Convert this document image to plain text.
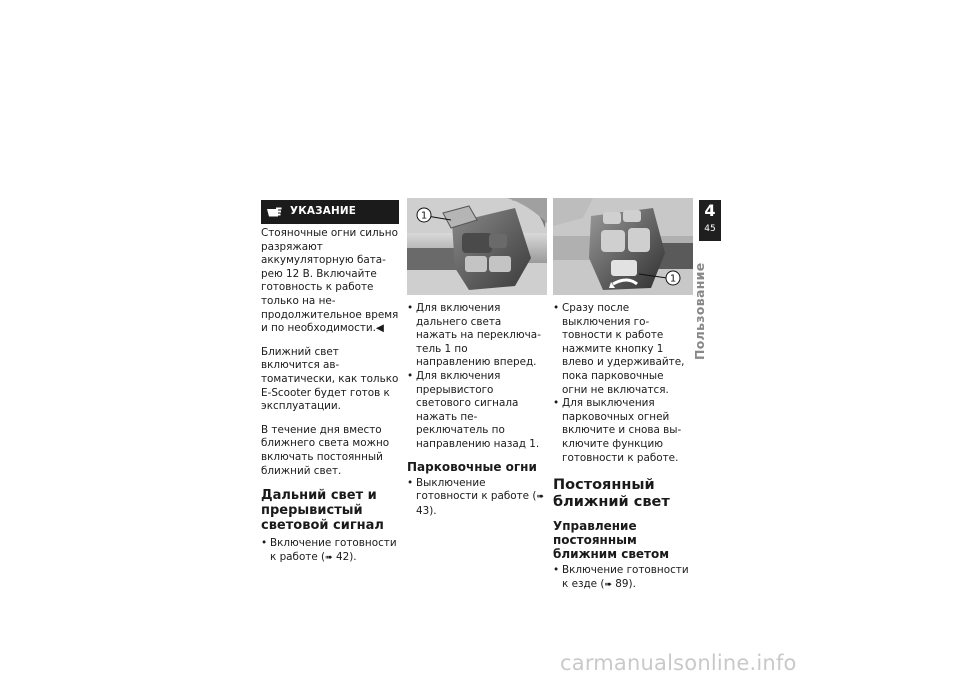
УКАЗАНИЕ

Стояночные огни сильно разряжают аккумуляторную батарею 12 В. Включайте готовность к работе только на непродолжительное время и по необходимости.◀

Ближний свет включится автоматически, как только E-Scooter будет готов к эксплуатации.

В течение дня вместо ближнего света можно включать постоянный ближний свет.

Дальний свет и прерывистый световой сигнал
• Включение готовности к работе (➠ 42).
1
• Для включения дальнего света нажать на переключатель 1 по направлению вперед.
• Для включения прерывистого светового сигнала нажать переключатель по направлению назад 1.
Парковочные огни
• Выключение готовности к работе (➠ 43).
1
• Сразу после выключения готовности к работе нажмите кнопку 1 влево и удерживайте, пока парковочные огни не включатся.
• Для выключения парковочных огней включите и снова выключите функцию готовности к работе.
Постоянный ближний свет
Управление постоянным ближним светом
• Включение готовности к езде (➠ 89).
4
45
Пользование
carmanualsonline.info
